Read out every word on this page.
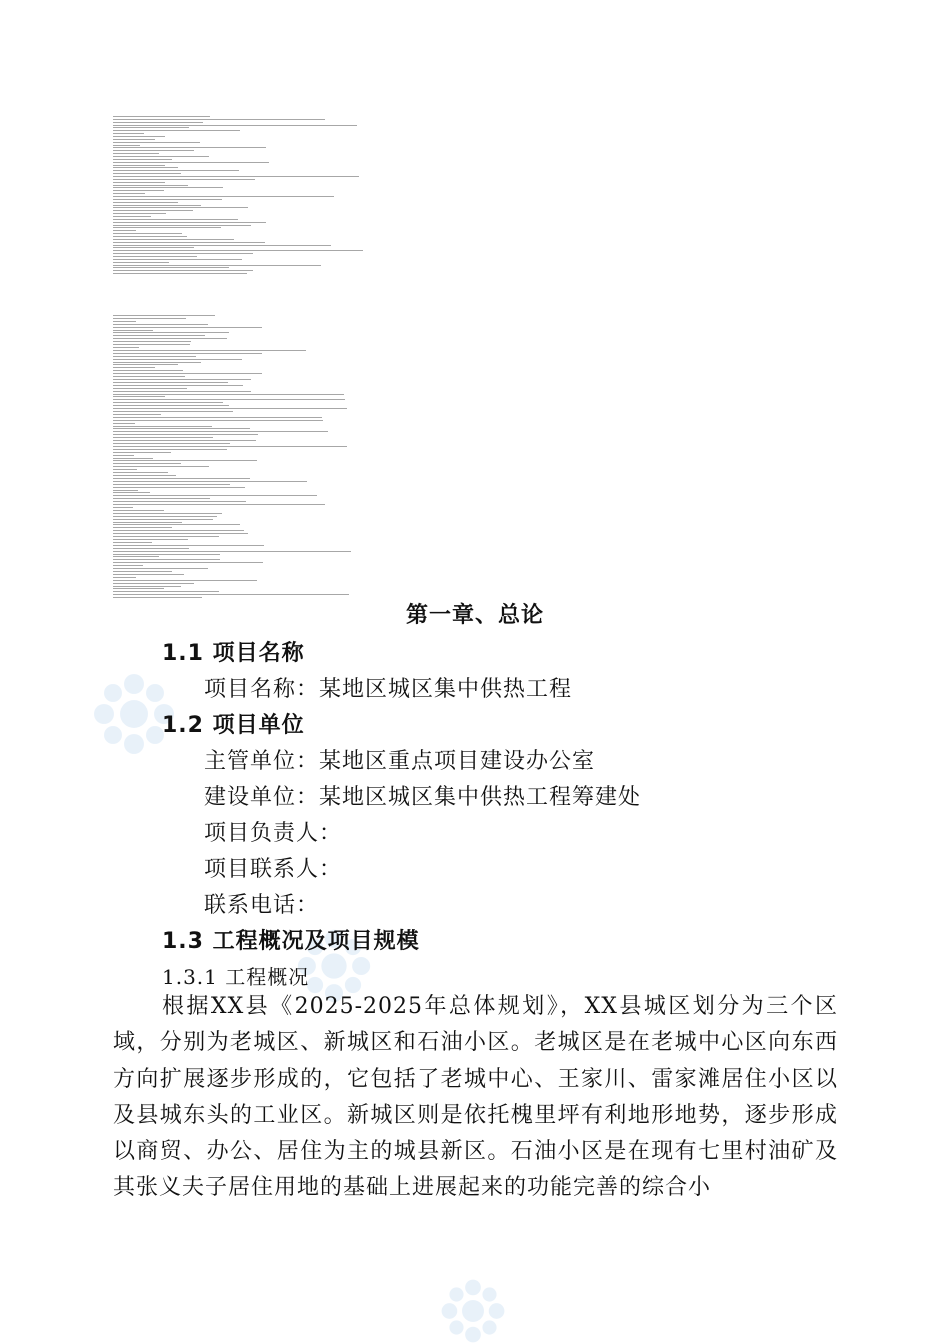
第一章、总论
1.1 项目名称
项目名称：某地区城区集中供热工程
1.2 项目单位
主管单位：某地区重点项目建设办公室
建设单位：某地区城区集中供热工程筹建处
项目负责人：
项目联系人：
联系电话：
1.3 工程概况及项目规模
1.3.1 工程概况
根据XX县《2025-2025年总体规划》，XX县城区划分为三个区域，分别为老城区、新城区和石油小区。老城区是在老城中心区向东西方向扩展逐步形成的，它包括了老城中心、王家川、雷家滩居住小区以及县城东头的工业区。新城区则是依托槐里坪有利地形地势，逐步形成以商贸、办公、居住为主的城县新区。石油小区是在现有七里村油矿及其张义夫子居住用地的基础上进展起来的功能完善的综合小
